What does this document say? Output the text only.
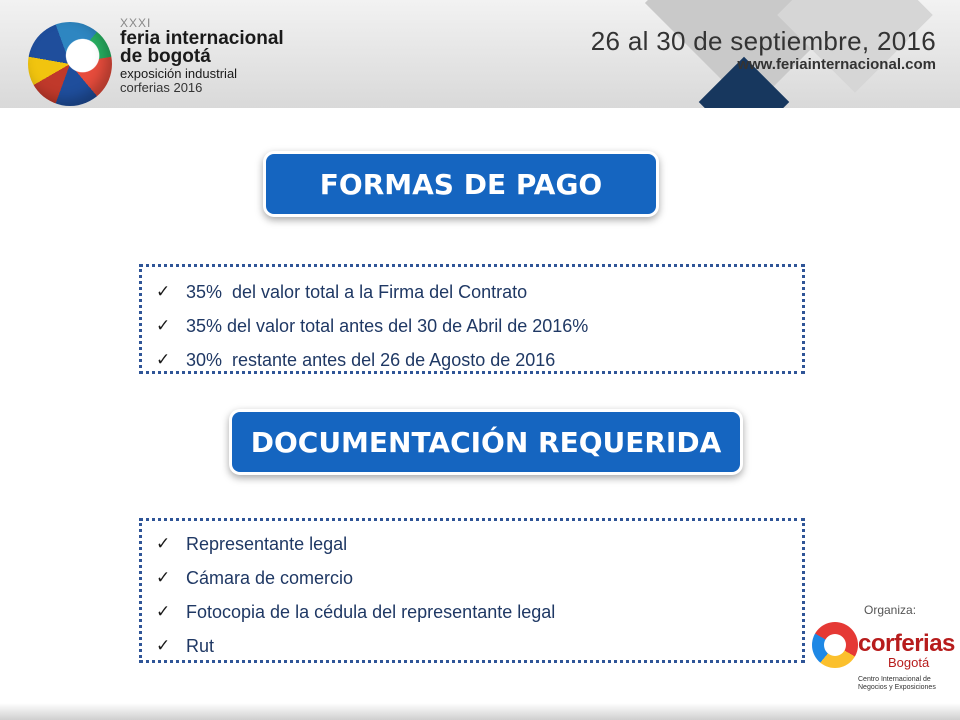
XXXI
feria internacional
de bogotá
exposición industrial
corferias 2016
26 al 30 de septiembre, 2016
www.feriainternacional.com
FORMAS DE PAGO
✓ 35%  del valor total a la Firma del Contrato
✓ 35% del valor total antes del 30 de Abril de 2016%
✓ 30%  restante antes del 26 de Agosto de 2016
DOCUMENTACIÓN REQUERIDA
✓ Representante legal
✓ Cámara de comercio
✓ Fotocopia de la cédula del representante legal
✓ Rut
Organiza:
corferias
Bogotá
Centro Internacional de Negocios y Exposiciones
